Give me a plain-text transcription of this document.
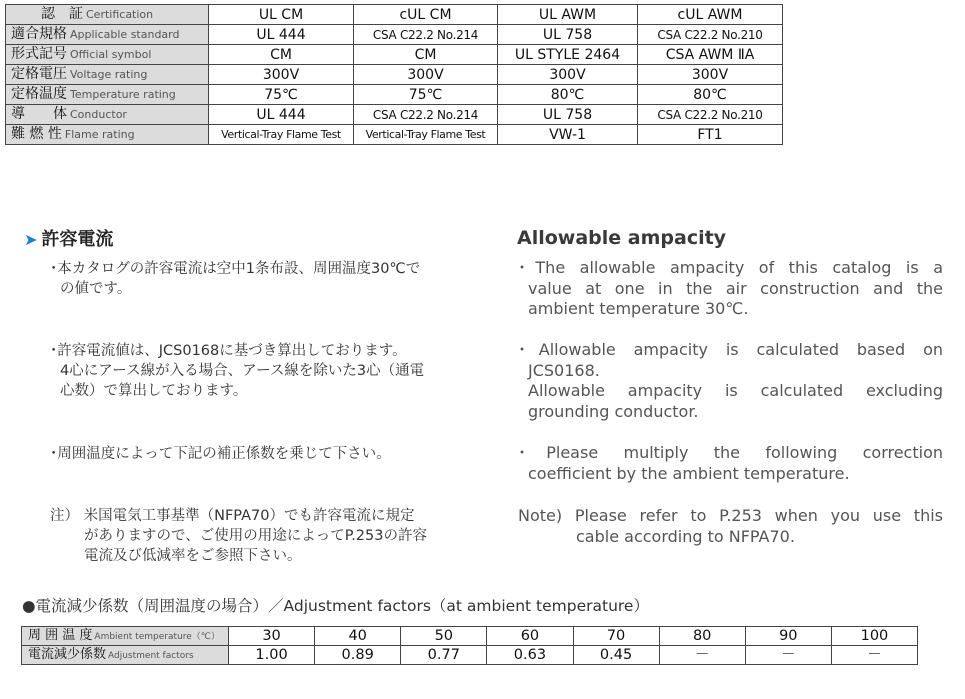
認　証 Certification	UL CM	cUL CM	UL AWM	cUL AWM
適合規格 Applicable standard	UL 444	CSA C22.2 No.214	UL 758	CSA C22.2 No.210
形式記号 Official symbol	CM	CM	UL STYLE 2464	CSA AWM ⅡA
定格電圧 Voltage rating	300V	300V	300V	300V
定格温度 Temperature rating	75℃	75℃	80℃	80℃
導　　体 Conductor	UL 444	CSA C22.2 No.214	UL 758	CSA C22.2 No.210
難 燃 性 Flame rating	Vertical-Tray Flame Test	Vertical-Tray Flame Test	VW-1	FT1
➤ 許容電流	Allowable ampacity
･本カタログの許容電流は空中1条布設、周囲温度30℃で
の値です。
･許容電流値は、JCS0168に基づき算出しております。
4心にアース線が入る場合、アース線を除いた3心（通電
心数）で算出しております。
･周囲温度によって下記の補正係数を乗じて下さい。
注） 米国電気工事基準（NFPA70）でも許容電流に規定
がありますので、ご使用の用途によってP.253の許容
電流及び低減率をご参照下さい。
･The allowable ampacity of this catalog is a
value at one in the air construction and the
ambient temperature 30℃.
･Allowable ampacity is calculated based on
JCS0168.
Allowable ampacity is calculated excluding
grounding conductor.
･Please multiply the following correction
coefficient by the ambient temperature.
Note) Please refer to P.253 when you use this
cable according to NFPA70.
●電流減少係数（周囲温度の場合）／Adjustment factors（at ambient temperature）
周 囲 温 度 Ambient temperature（℃）	30	40	50	60	70	80	90	100
電流減少係数 Adjustment factors	1.00	0.89	0.77	0.63	0.45	－	－	－
